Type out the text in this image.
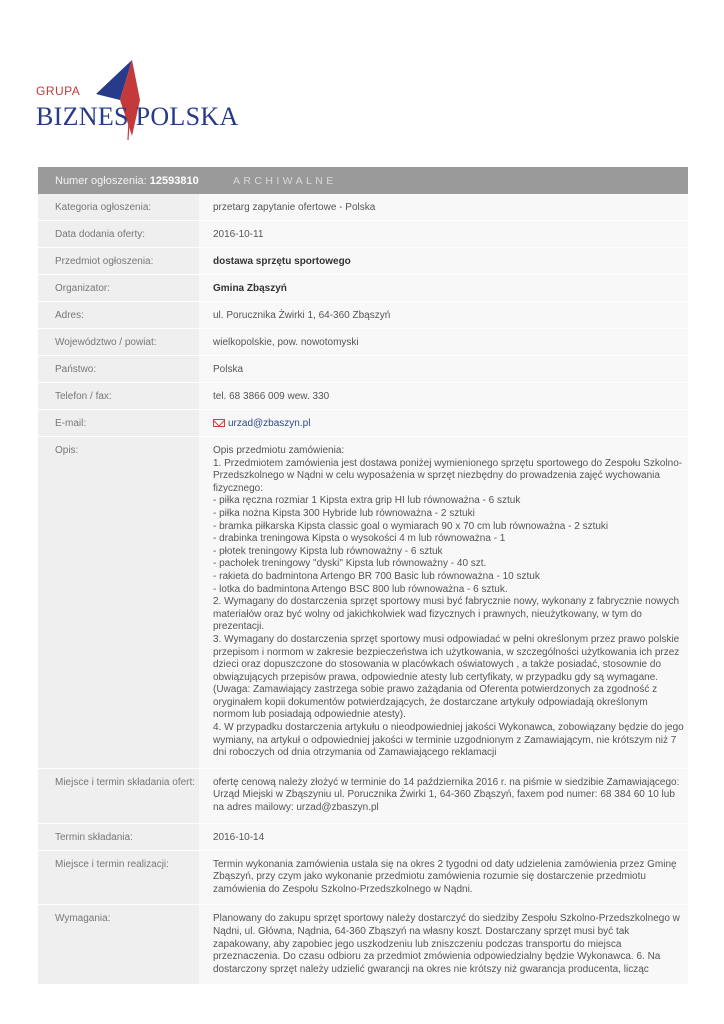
GRUPA
BIZNES POLSKA
Numer ogłoszenia: 12593810	ARCHIWALNE
Kategoria ogłoszenia:	przetarg zapytanie ofertowe - Polska
Data dodania oferty:	2016-10-11
Przedmiot ogłoszenia:	dostawa sprzętu sportowego
Organizator:	Gmina Zbąszyń
Adres:	ul. Porucznika Żwirki 1, 64-360 Zbąszyń
Województwo / powiat:	wielkopolskie, pow. nowotomyski
Państwo:	Polska
Telefon / fax:	tel. 68 3866 009 wew. 330
E-mail:	urzad@zbaszyn.pl
Opis:	Opis przedmiotu zamówienia:
1. Przedmiotem zamówienia jest dostawa poniżej wymienionego sprzętu sportowego do Zespołu Szkolno-Przedszkolnego w Nądni w celu wyposażenia w sprzęt niezbędny do prowadzenia zajęć wychowania fizycznego:
- piłka ręczna rozmiar 1 Kipsta extra grip HI lub równoważna - 6 sztuk
- piłka nożna Kipsta 300 Hybride lub równoważna - 2 sztuki
- bramka piłkarska Kipsta classic goal o wymiarach 90 x 70 cm lub równoważna - 2 sztuki
- drabinka treningowa Kipsta o wysokości 4 m lub równoważna - 1
- płotek treningowy Kipsta lub równoważny - 6 sztuk
- pachołek treningowy "dyski" Kipsta lub równoważny - 40 szt.
- rakieta do badmintona Artengo BR 700 Basic lub równoważna - 10 sztuk
- lotka do badmintona Artengo BSC 800 lub równoważna - 6 sztuk.
2. Wymagany do dostarczenia sprzęt sportowy musi być fabrycznie nowy, wykonany z fabrycznie nowych materiałów oraz być wolny od jakichkolwiek wad fizycznych i prawnych, nieużytkowany, w tym do prezentacji.
3. Wymagany do dostarczenia sprzęt sportowy musi odpowiadać w pełni określonym przez prawo polskie przepisom i normom w zakresie bezpieczeństwa ich użytkowania, w szczególności użytkowania ich przez dzieci oraz dopuszczone do stosowania w placówkach oświatowych , a także posiadać, stosownie do obwiązujących przepisów prawa, odpowiednie atesty lub certyfikaty, w przypadku gdy są wymagane. (Uwaga: Zamawiający zastrzega sobie prawo zażądania od Oferenta potwierdzonych za zgodność z oryginałem kopii dokumentów potwierdzających, że dostarczane artykuły odpowiadają określonym normom lub posiadają odpowiednie atesty).
4. W przypadku dostarczenia artykułu o nieodpowiedniej jakości Wykonawca, zobowiązany będzie do jego wymiany, na artykuł o odpowiedniej jakości w terminie uzgodnionym z Zamawiającym, nie krótszym niż 7 dni roboczych od dnia otrzymania od Zamawiającego reklamacji
Miejsce i termin składania ofert:	ofertę cenową należy złożyć w terminie do 14 października 2016 r. na piśmie w siedzibie Zamawiającego: Urząd Miejski w Zbąszyniu ul. Porucznika Żwirki 1, 64-360 Zbąszyń, faxem pod numer: 68 384 60 10 lub na adres mailowy: urzad@zbaszyn.pl
Termin składania:	2016-10-14
Miejsce i termin realizacji:	Termin wykonania zamówienia ustala się na okres 2 tygodni od daty udzielenia zamówienia przez Gminę Zbąszyń, przy czym jako wykonanie przedmiotu zamówienia rozumie się dostarczenie przedmiotu zamówienia do Zespołu Szkolno-Przedszkolnego w Nądni.
Wymagania:	Planowany do zakupu sprzęt sportowy należy dostarczyć do siedziby Zespołu Szkolno-Przedszkolnego w Nądni, ul. Główna, Nądnia, 64-360 Zbąszyń na własny koszt. Dostarczany sprzęt musi być tak zapakowany, aby zapobiec jego uszkodzeniu lub zniszczeniu podczas transportu do miejsca przeznaczenia. Do czasu odbioru za przedmiot zmówienia odpowiedzialny będzie Wykonawca. 6. Na dostarczony sprzęt należy udzielić gwarancji na okres nie krótszy niż gwarancja producenta, licząc
